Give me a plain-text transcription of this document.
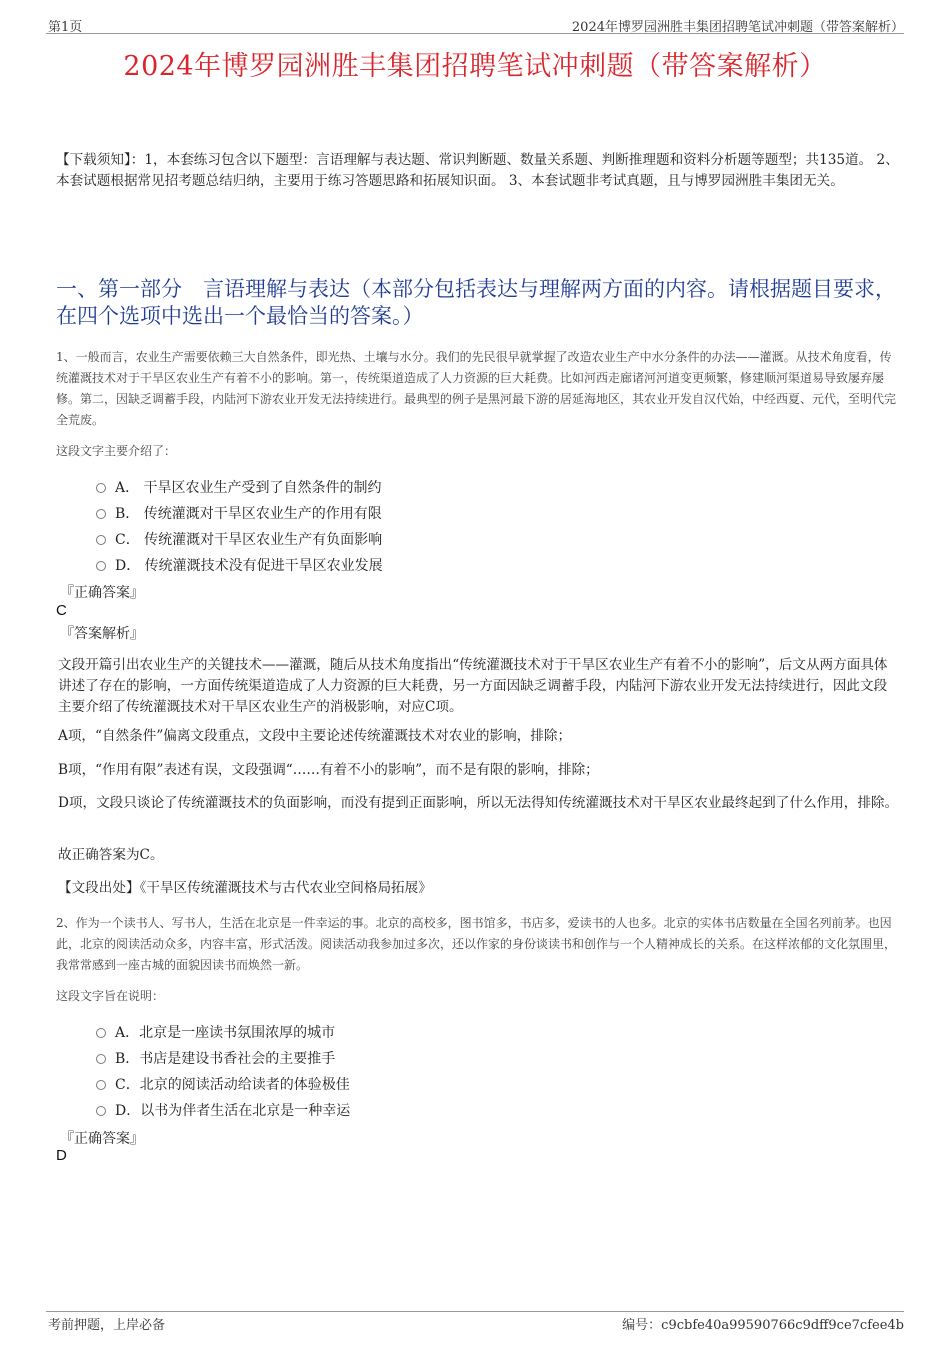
第1页	2024年博罗园洲胜丰集团招聘笔试冲刺题（带答案解析）
2024年博罗园洲胜丰集团招聘笔试冲刺题（带答案解析）
【下载须知】：1，本套练习包含以下题型：言语理解与表达题、常识判断题、数量关系题、判断推理题和资料分析题等题型；共135道。 2、本套试题根据常见招考题总结归纳，主要用于练习答题思路和拓展知识面。 3、本套试题非考试真题，且与博罗园洲胜丰集团无关。
一、第一部分　言语理解与表达（本部分包括表达与理解两方面的内容。请根据题目要求，在四个选项中选出一个最恰当的答案。）
1、一般而言，农业生产需要依赖三大自然条件，即光热、土壤与水分。我们的先民很早就掌握了改造农业生产中水分条件的办法——灌溉。从技术角度看，传统灌溉技术对于干旱区农业生产有着不小的影响。第一，传统渠道造成了人力资源的巨大耗费。比如河西走廊诸河河道变更频繁，修建顺河渠道易导致屡弃屡修。第二，因缺乏调蓄手段，内陆河下游农业开发无法持续进行。最典型的例子是黑河最下游的居延海地区，其农业开发自汉代始，中经西夏、元代，至明代完全荒废。
这段文字主要介绍了：
A． 干旱区农业生产受到了自然条件的制约
B． 传统灌溉对干旱区农业生产的作用有限
C． 传统灌溉对干旱区农业生产有负面影响
D． 传统灌溉技术没有促进干旱区农业发展
『正确答案』
C
『答案解析』
文段开篇引出农业生产的关键技术——灌溉，随后从技术角度指出“传统灌溉技术对于干旱区农业生产有着不小的影响”，后文从两方面具体讲述了存在的影响，一方面传统渠道造成了人力资源的巨大耗费，另一方面因缺乏调蓄手段，内陆河下游农业开发无法持续进行，因此文段主要介绍了传统灌溉技术对干旱区农业生产的消极影响，对应C项。
A项，“自然条件”偏离文段重点，文段中主要论述传统灌溉技术对农业的影响，排除；
B项，“作用有限”表述有误，文段强调“……有着不小的影响”，而不是有限的影响，排除；
D项，文段只谈论了传统灌溉技术的负面影响，而没有提到正面影响，所以无法得知传统灌溉技术对干旱区农业最终起到了什么作用，排除。
故正确答案为C。
【文段出处】《干旱区传统灌溉技术与古代农业空间格局拓展》
2、作为一个读书人、写书人，生活在北京是一件幸运的事。北京的高校多，图书馆多，书店多，爱读书的人也多。北京的实体书店数量在全国名列前茅。也因此，北京的阅读活动众多，内容丰富，形式活泼。阅读活动我参加过多次，还以作家的身份谈读书和创作与一个人精神成长的关系。在这样浓郁的文化氛围里，我常常感到一座古城的面貌因读书而焕然一新。
这段文字旨在说明：
A．北京是一座读书氛围浓厚的城市
B．书店是建设书香社会的主要推手
C．北京的阅读活动给读者的体验极佳
D．以书为伴者生活在北京是一种幸运
『正确答案』
D
考前押题，上岸必备	编号：c9cbfe40a99590766c9dff9ce7cfee4b
